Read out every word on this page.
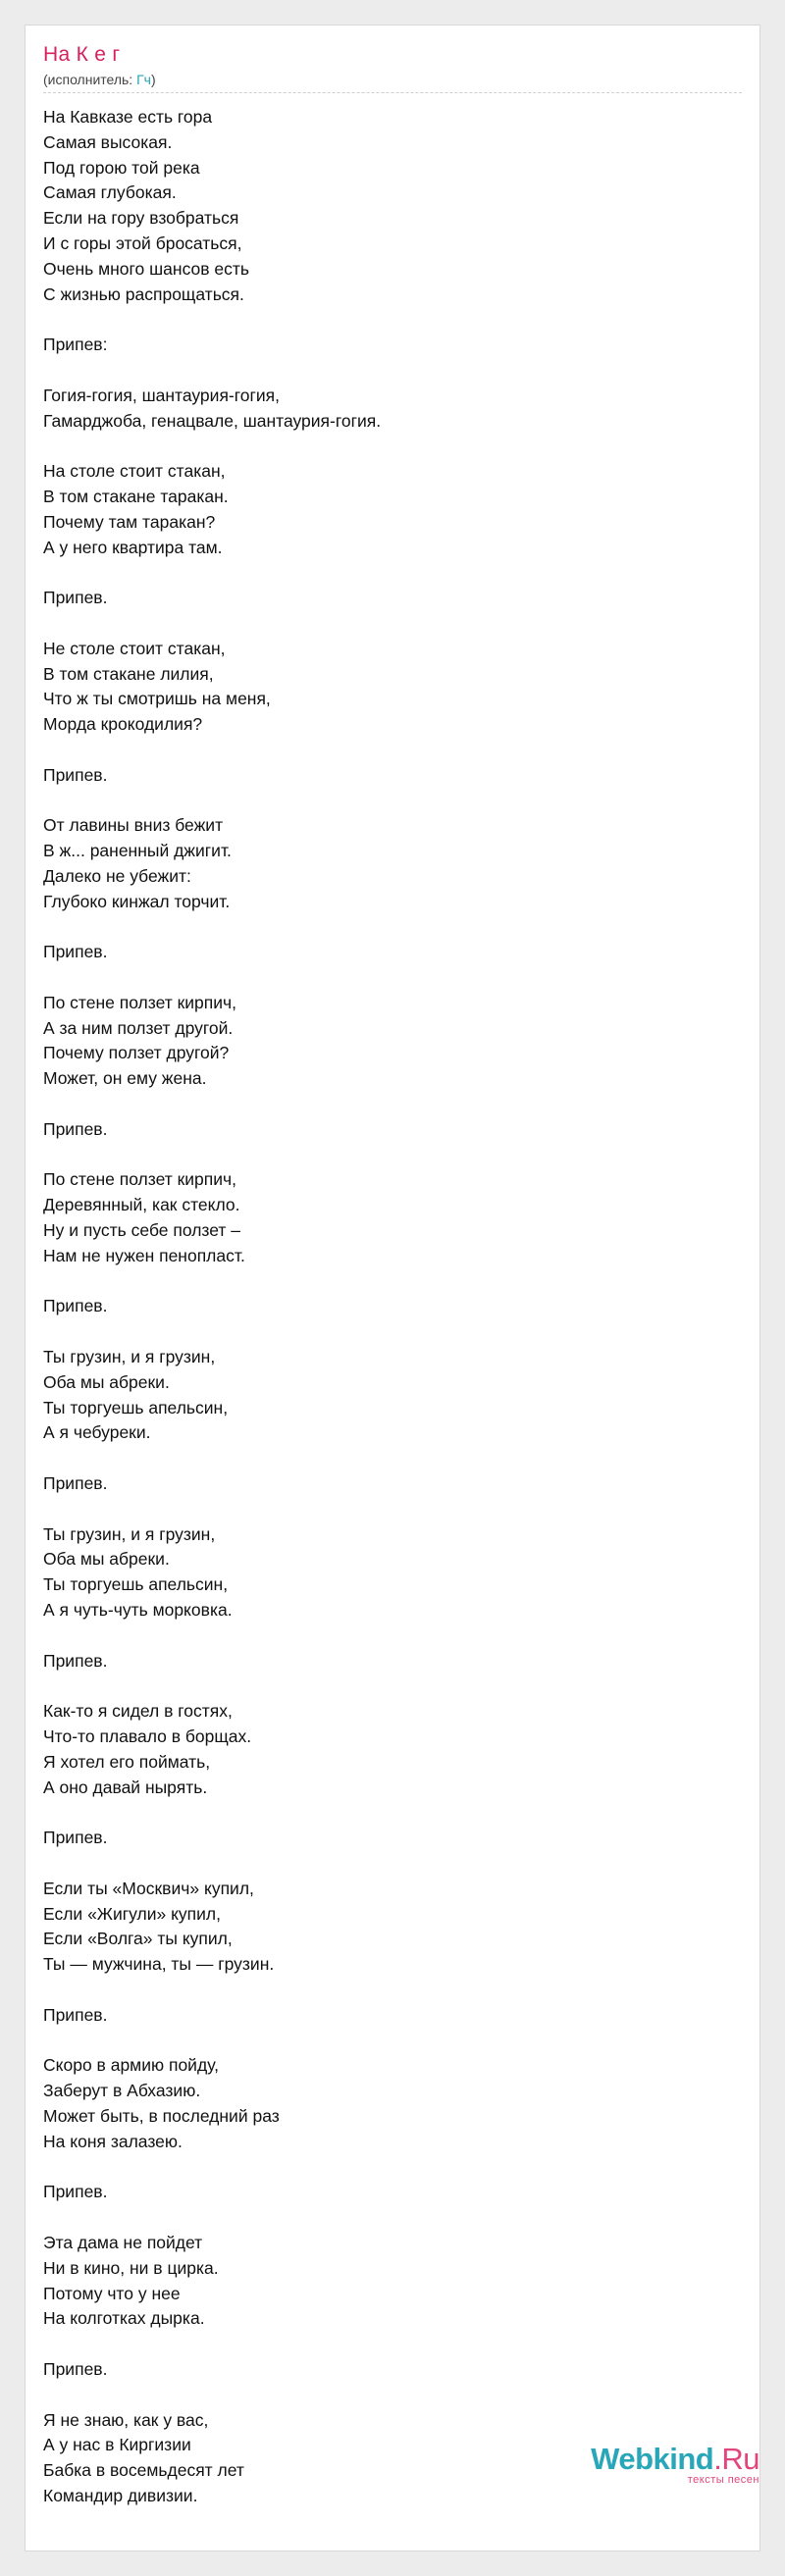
На К е г
(исполнитель: Гч)
На Кавказе есть гора
Самая высокая.
Под горою той река
Самая глубокая.
Если на гору взобраться
И с горы этой бросаться,
Очень много шансов есть
С жизнью распрощаться.
Припев:
Гогия-гогия, шантаурия-гогия,
Гамарджоба, генацвале, шантаурия-гогия.
На столе стоит стакан,
В том стакане таракан.
Почему там таракан?
А у него квартира там.
Припев.
Не столе стоит стакан,
В том стакане лилия,
Что ж ты смотришь на меня,
Морда крокодилия?
Припев.
От лавины вниз бежит
В ж... раненный джигит.
Далеко не убежит:
Глубоко кинжал торчит.
Припев.
По стене ползет кирпич,
А за ним ползет другой.
Почему ползет другой?
Может, он ему жена.
Припев.
По стене ползет кирпич,
Деревянный, как стекло.
Ну и пусть себе ползет –
Нам не нужен пенопласт.
Припев.
Ты грузин, и я грузин,
Оба мы абреки.
Ты торгуешь апельсин,
А я чебуреки.
Припев.
Ты грузин, и я грузин,
Оба мы абреки.
Ты торгуешь апельсин,
А я чуть-чуть морковка.
Припев.
Как-то я сидел в гостях,
Что-то плавало в борщах.
Я хотел его поймать,
А оно давай нырять.
Припев.
Если ты «Москвич» купил,
Если «Жигули» купил,
Если «Волга» ты купил,
Ты — мужчина, ты — грузин.
Припев.
Скоро в армию пойду,
Заберут в Абхазию.
Может быть, в последний раз
На коня залазею.
Припев.
Эта дама не пойдет
Ни в кино, ни в цирка.
Потому что у нее
На колготках дырка.
Припев.
Я не знаю, как у вас,
А у нас в Киргизии
Бабка в восемьдесят лет
Командир дивизии.
Webkind.Ru
тексты песен
